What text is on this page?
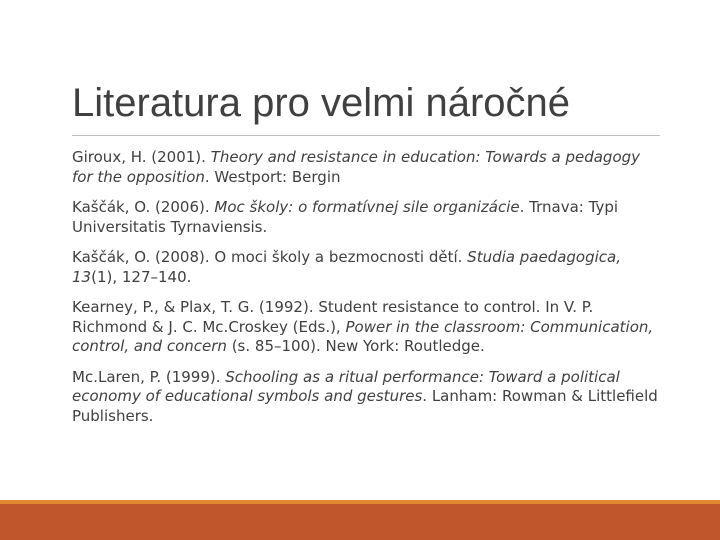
Literatura pro velmi náročné

Giroux, H. (2001). Theory and resistance in education: Towards a pedagogy for the opposition. Westport: Bergin

Kaščák, O. (2006). Moc školy: o formatívnej sile organizácie. Trnava: Typi Universitatis Tyrnaviensis.

Kaščák, O. (2008). O moci školy a bezmocnosti dětí. Studia paedagogica, 13(1), 127–140.

Kearney, P., & Plax, T. G. (1992). Student resistance to control. In V. P. Richmond & J. C. Mc.Croskey (Eds.), Power in the classroom: Communication, control, and concern (s. 85–100). New York: Routledge.

Mc.Laren, P. (1999). Schooling as a ritual performance: Toward a political economy of educational symbols and gestures. Lanham: Rowman & Littlefield Publishers.
